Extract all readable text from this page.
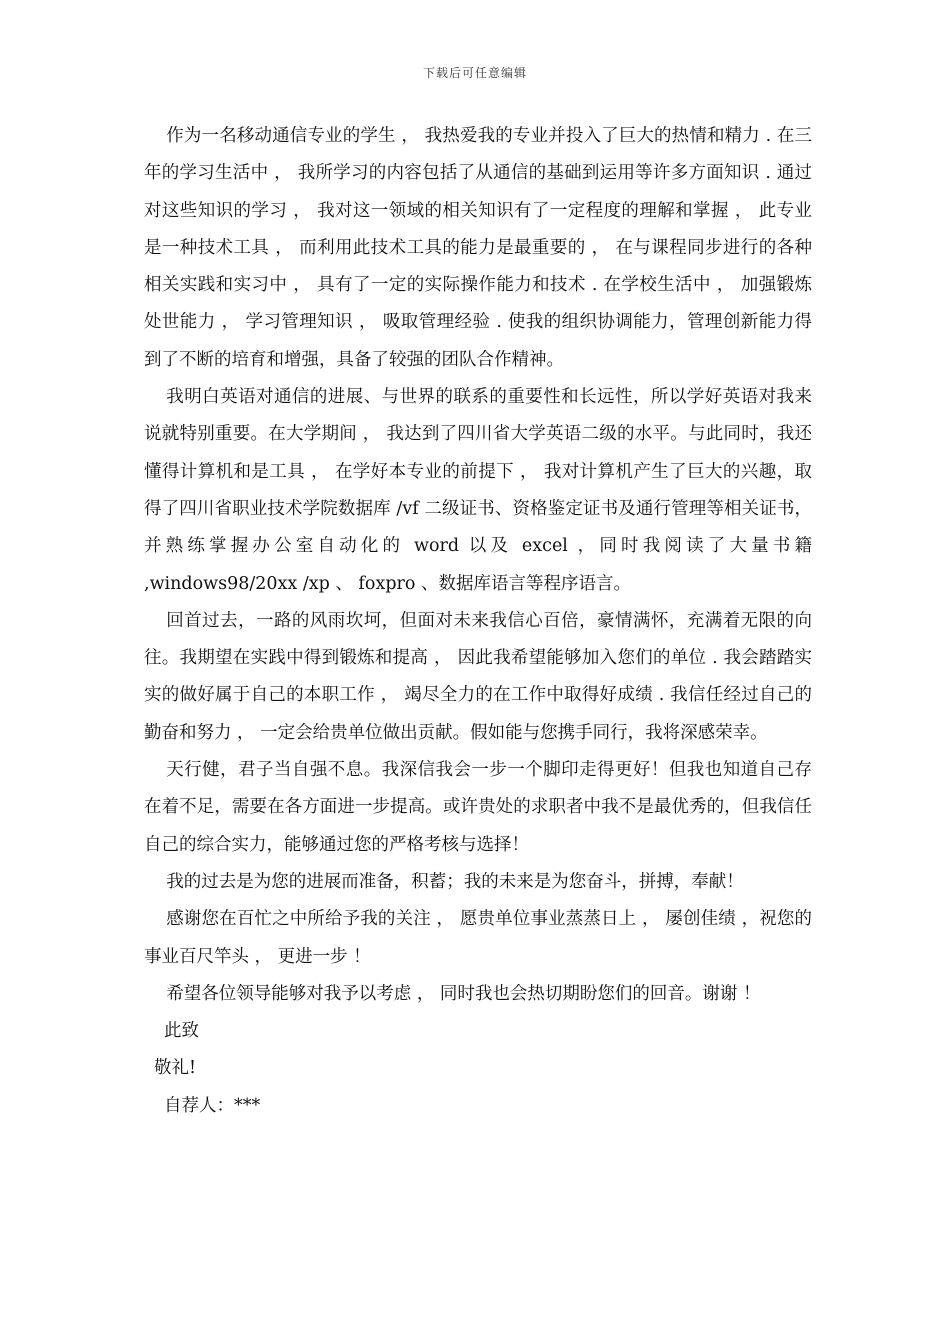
下载后可任意编辑

作为一名移动通信专业的学生 ， 我热爱我的专业并投入了巨大的热情和精力 . 在三年的学习生活中 ， 我所学习的内容包括了从通信的基础到运用等许多方面知识 . 通过对这些知识的学习 ， 我对这一领域的相关知识有了一定程度的理解和掌握 ， 此专业是一种技术工具 ， 而利用此技术工具的能力是最重要的 ， 在与课程同步进行的各种相关实践和实习中 ， 具有了一定的实际操作能力和技术 . 在学校生活中 ， 加强锻炼处世能力 ， 学习管理知识 ， 吸取管理经验 . 使我的组织协调能力，管理创新能力得到了不断的培育和增强，具备了较强的团队合作精神。

我明白英语对通信的进展、与世界的联系的重要性和长远性，所以学好英语对我来说就特别重要。在大学期间 ， 我达到了四川省大学英语二级的水平。与此同时，我还懂得计算机和是工具 ， 在学好本专业的前提下 ， 我对计算机产生了巨大的兴趣，取得了四川省职业技术学院数据库 /vf 二级证书、资格鉴定证书及通行管理等相关证书，并熟练掌握办公室自动化的 word 以及 excel ，同时我阅读了大量书籍 ,windows98/20xx /xp 、 foxpro 、数据库语言等程序语言。

回首过去，一路的风雨坎坷，但面对未来我信心百倍，豪情满怀，充满着无限的向往。我期望在实践中得到锻炼和提高 ， 因此我希望能够加入您们的单位 . 我会踏踏实实的做好属于自己的本职工作 ， 竭尽全力的在工作中取得好成绩 . 我信任经过自己的勤奋和努力 ， 一定会给贵单位做出贡献。假如能与您携手同行，我将深感荣幸。

天行健，君子当自强不息。我深信我会一步一个脚印走得更好！但我也知道自己存在着不足，需要在各方面进一步提高。或许贵处的求职者中我不是最优秀的，但我信任自己的综合实力，能够通过您的严格考核与选择！

我的过去是为您的进展而准备，积蓄；我的未来是为您奋斗，拼搏，奉献！

感谢您在百忙之中所给予我的关注 ， 愿贵单位事业蒸蒸日上 ， 屡创佳绩 ，祝您的事业百尺竿头 ， 更进一步 ！

希望各位领导能够对我予以考虑 ， 同时我也会热切期盼您们的回音。谢谢 ！

此致

敬礼!

自荐人：***
